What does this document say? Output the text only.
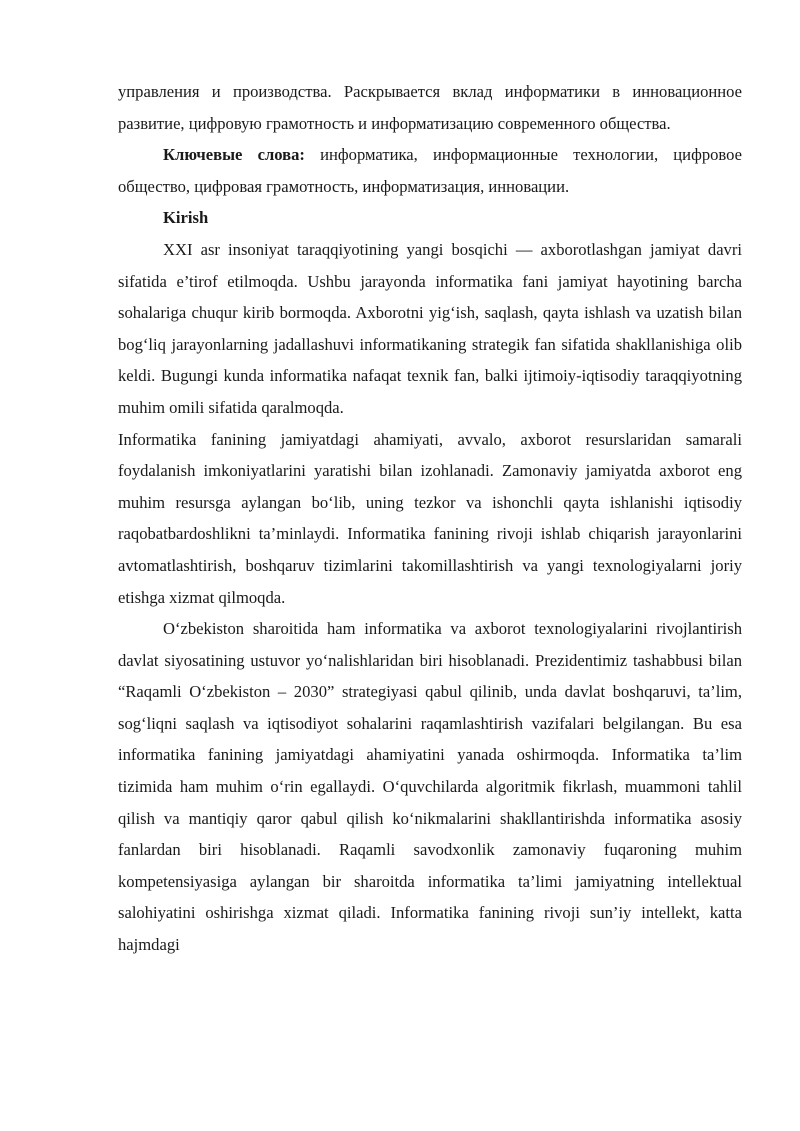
управления и производства. Раскрывается вклад информатики в инновационное развитие, цифровую грамотность и информатизацию современного общества.

Ключевые слова: информатика, информационные технологии, цифровое общество, цифровая грамотность, информатизация, инновации.

Kirish

XXI asr insoniyat taraqqiyotining yangi bosqichi — axborotlashgan jamiyat davri sifatida e’tirof etilmoqda. Ushbu jarayonda informatika fani jamiyat hayotining barcha sohalariga chuqur kirib bormoqda. Axborotni yig‘ish, saqlash, qayta ishlash va uzatish bilan bog‘liq jarayonlarning jadallashuvi informatikaning strategik fan sifatida shakllanishiga olib keldi. Bugungi kunda informatika nafaqat texnik fan, balki ijtimoiy-iqtisodiy taraqqiyotning muhim omili sifatida qaralmoqda.

Informatika fanining jamiyatdagi ahamiyati, avvalo, axborot resurslaridan samarali foydalanish imkoniyatlarini yaratishi bilan izohlanadi. Zamonaviy jamiyatda axborot eng muhim resursga aylangan bo‘lib, uning tezkor va ishonchli qayta ishlanishi iqtisodiy raqobatbardoshlikni ta’minlaydi. Informatika fanining rivoji ishlab chiqarish jarayonlarini avtomatlashtirish, boshqaruv tizimlarini takomillashtirish va yangi texnologiyalarni joriy etishga xizmat qilmoqda.

O‘zbekiston sharoitida ham informatika va axborot texnologiyalarini rivojlantirish davlat siyosatining ustuvor yo‘nalishlaridan biri hisoblanadi. Prezidentimiz tashabbusi bilan “Raqamli O‘zbekiston – 2030” strategiyasi qabul qilinib, unda davlat boshqaruvi, ta’lim, sog‘liqni saqlash va iqtisodiyot sohalarini raqamlashtirish vazifalari belgilangan. Bu esa informatika fanining jamiyatdagi ahamiyatini yanada oshirmoqda. Informatika ta’lim tizimida ham muhim o‘rin egallaydi. O‘quvchilarda algoritmik fikrlash, muammoni tahlil qilish va mantiqiy qaror qabul qilish ko‘nikmalarini shakllantirishda informatika asosiy fanlardan biri hisoblanadi. Raqamli savodxonlik zamonaviy fuqaroning muhim kompetensiyasiga aylangan bir sharoitda informatika ta’limi jamiyatning intellektual salohiyatini oshirishga xizmat qiladi. Informatika fanining rivoji sun’iy intellekt, katta hajmdagi
